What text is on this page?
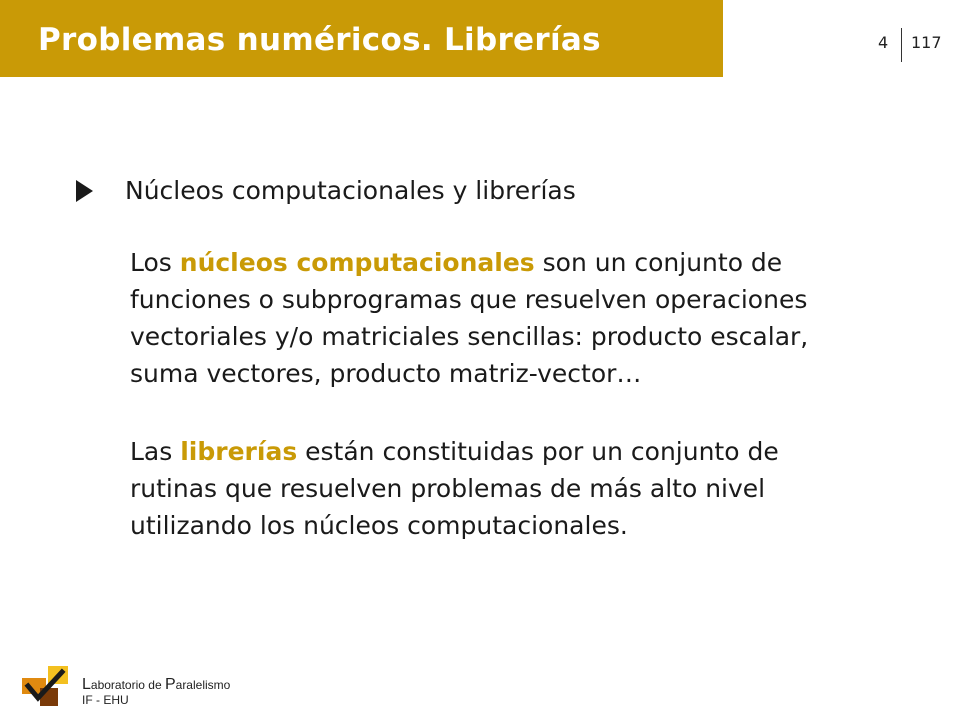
Problemas numéricos. Librerías	4 117
Núcleos computacionales y librerías
Los núcleos computacionales son un conjunto de
funciones o subprogramas que resuelven operaciones
vectoriales y/o matriciales sencillas: producto escalar,
suma vectores, producto matriz-vector…
Las librerías están constituidas por un conjunto de
rutinas que resuelven problemas de más alto nivel
utilizando los núcleos computacionales.
Laboratorio de Paralelismo
IF - EHU
